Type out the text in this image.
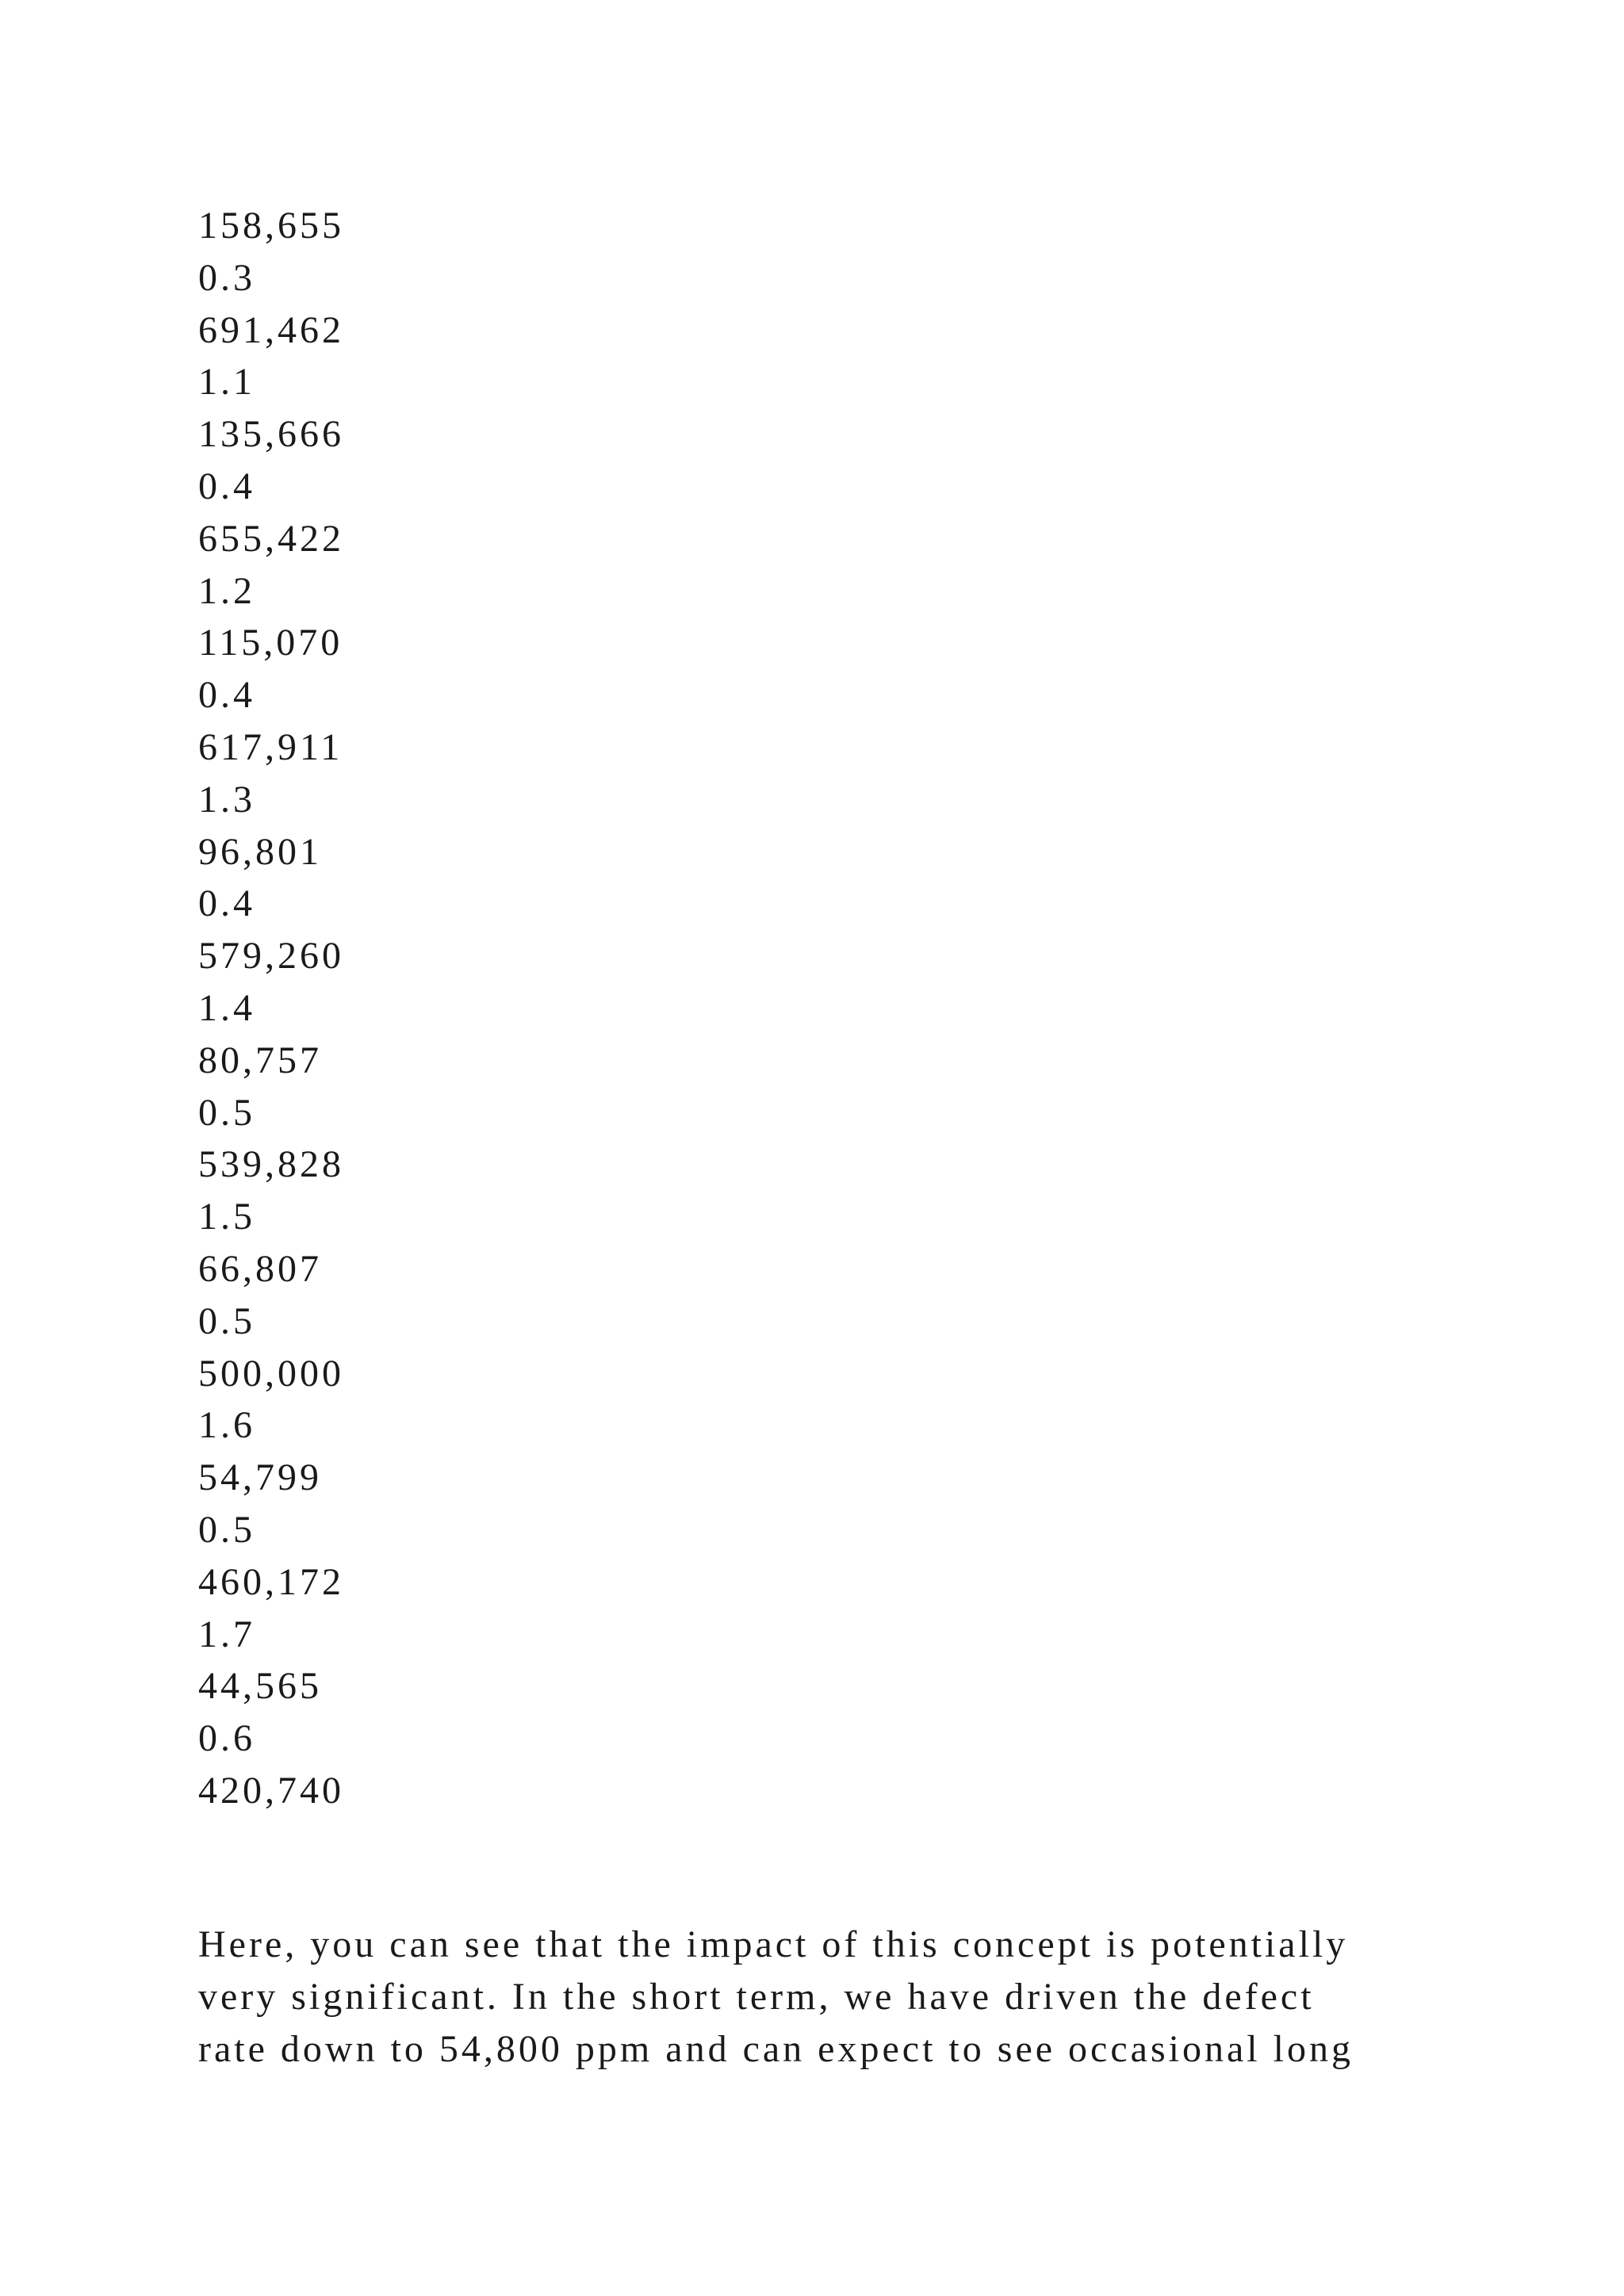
158,655
0.3
691,462
1.1
135,666
0.4
655,422
1.2
115,070
0.4
617,911
1.3
96,801
0.4
579,260
1.4
80,757
0.5
539,828
1.5
66,807
0.5
500,000
1.6
54,799
0.5
460,172
1.7
44,565
0.6
420,740
Here, you can see that the impact of this concept is potentially
very significant. In the short term, we have driven the defect
rate down to 54,800 ppm and can expect to see occasional long
